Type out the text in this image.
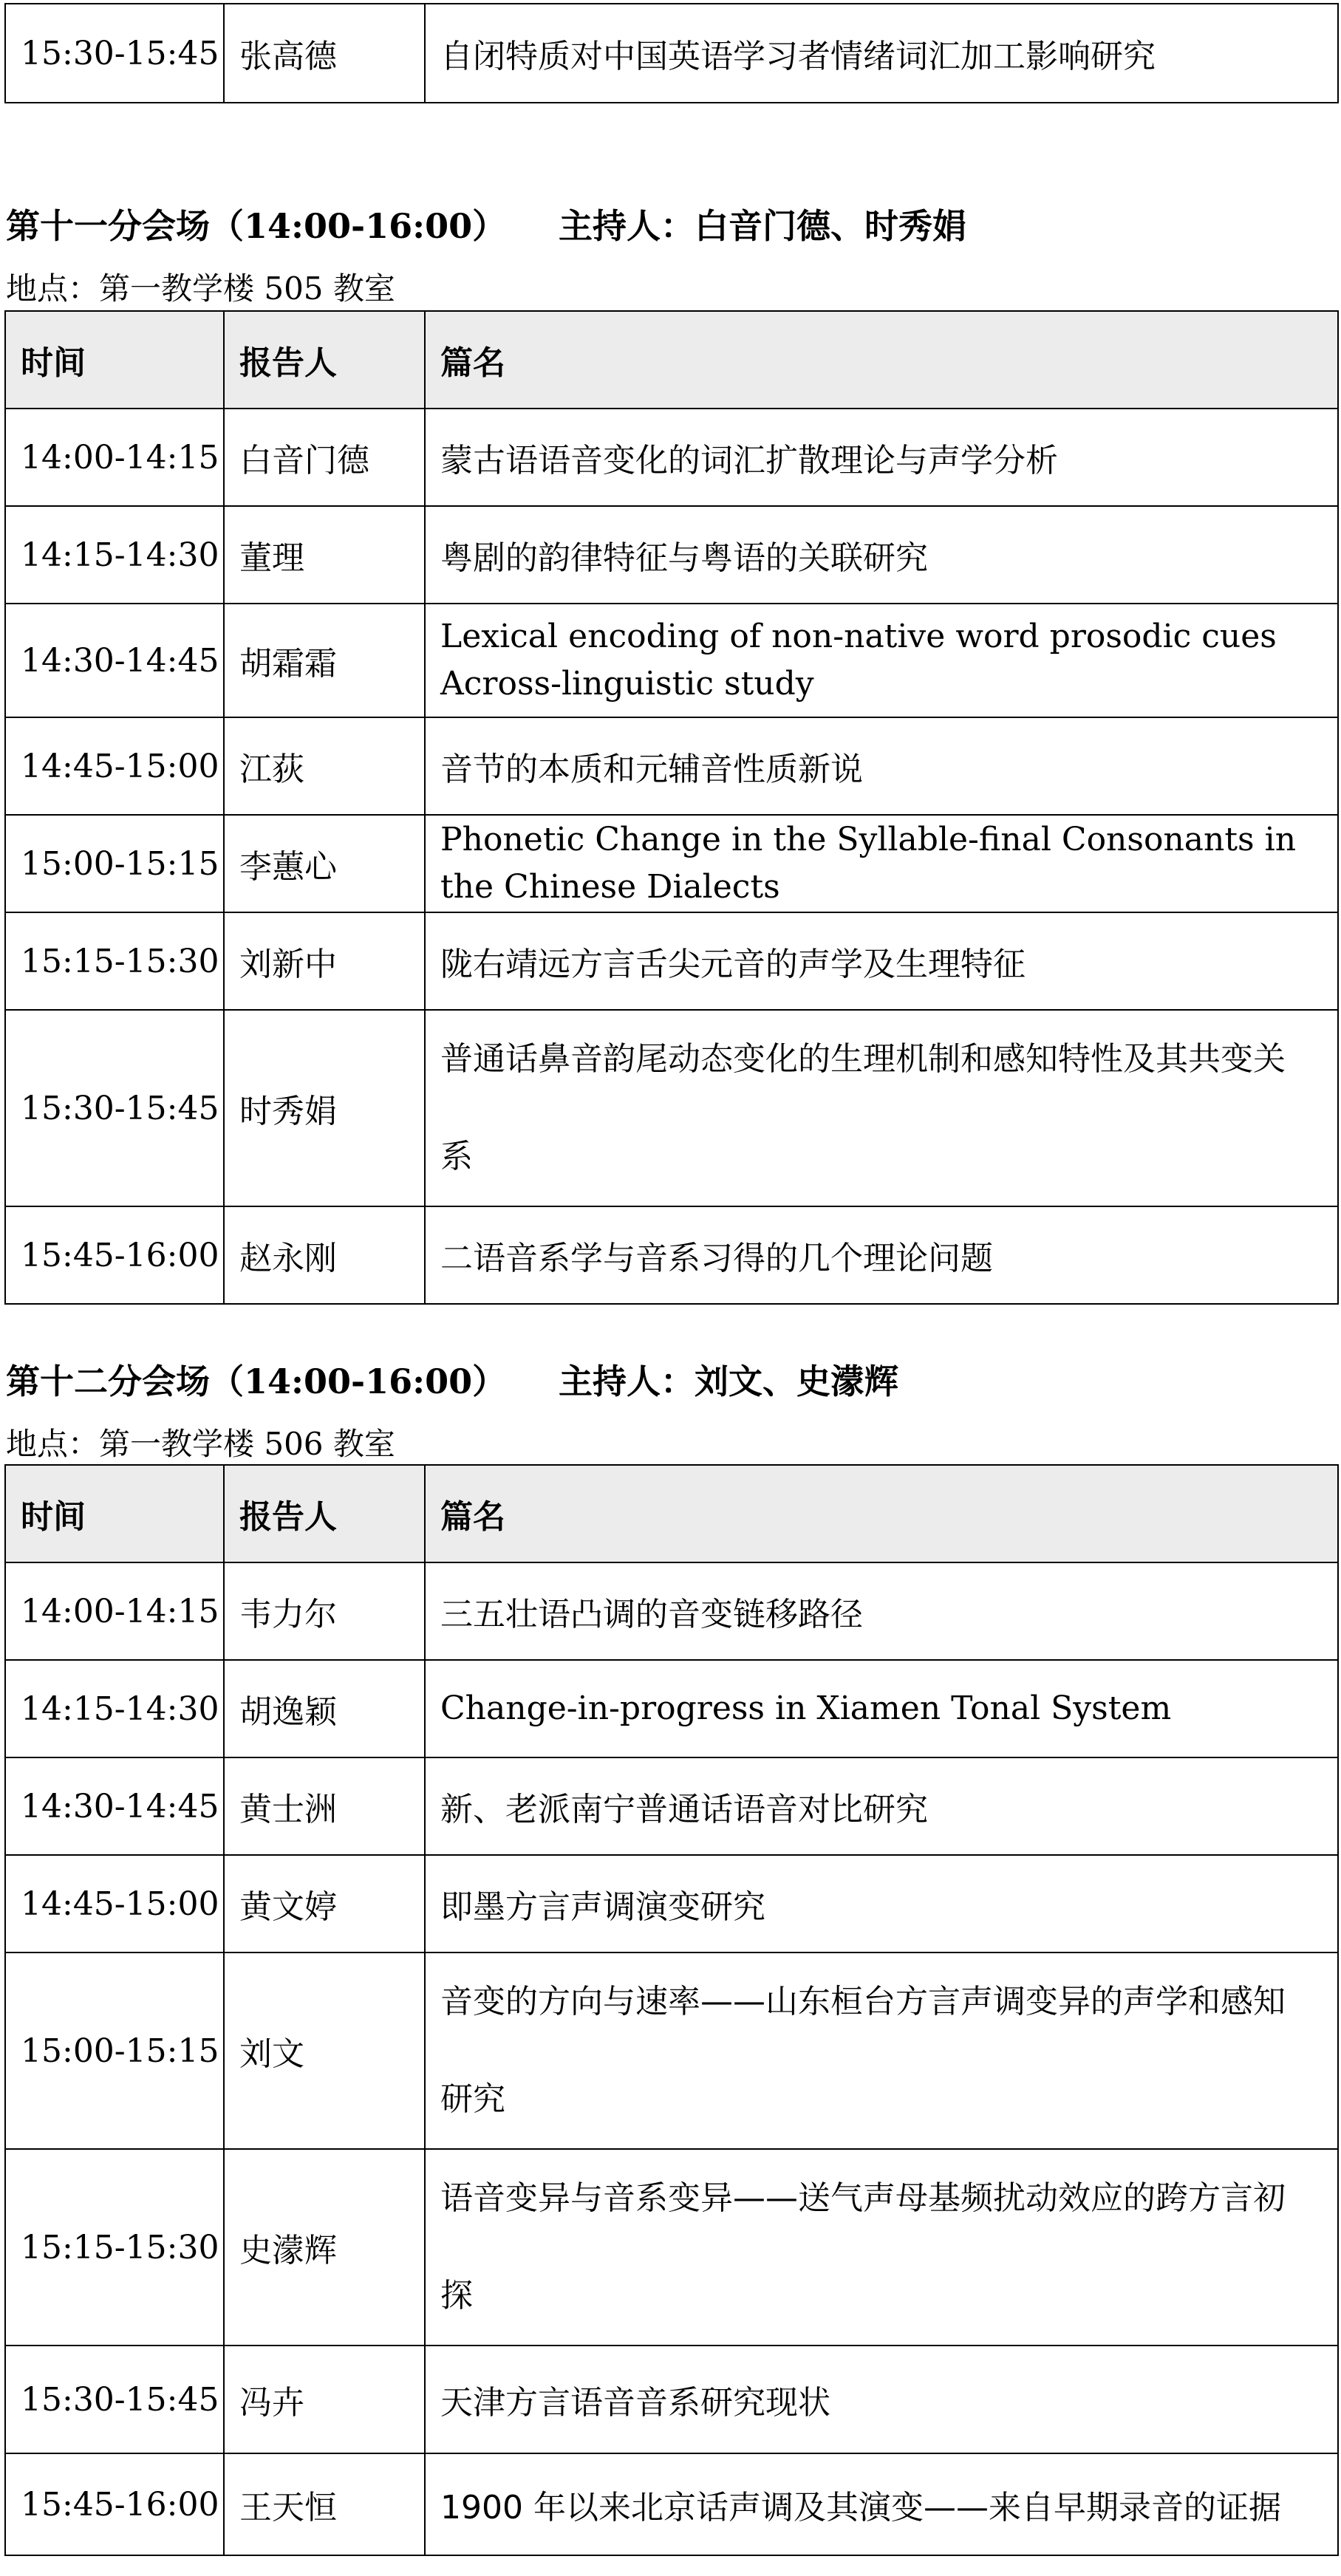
15:30-15:45	张高德	自闭特质对中国英语学习者情绪词汇加工影响研究
第十一分会场（14:00-16:00） 主持人：白音门德、时秀娟
地点：第一教学楼 505 教室
时间	报告人	篇名
14:00-14:15	白音门德	蒙古语语音变化的词汇扩散理论与声学分析
14:15-14:30	董理	粤剧的韵律特征与粤语的关联研究
14:30-14:45	胡霜霜	Lexical encoding of non-native word prosodic cues Across-linguistic study
14:45-15:00	江荻	音节的本质和元辅音性质新说
15:00-15:15	李蕙心	Phonetic Change in the Syllable-final Consonants in the Chinese Dialects
15:15-15:30	刘新中	陇右靖远方言舌尖元音的声学及生理特征
15:30-15:45	时秀娟	普通话鼻音韵尾动态变化的生理机制和感知特性及其共变关系
15:45-16:00	赵永刚	二语音系学与音系习得的几个理论问题
第十二分会场（14:00-16:00） 主持人：刘文、史濛辉
地点：第一教学楼 506 教室
时间	报告人	篇名
14:00-14:15	韦力尔	三五壮语凸调的音变链移路径
14:15-14:30	胡逸颖	Change-in-progress in Xiamen Tonal System
14:30-14:45	黄士洲	新、老派南宁普通话语音对比研究
14:45-15:00	黄文婷	即墨方言声调演变研究
15:00-15:15	刘文	音变的方向与速率——山东桓台方言声调变异的声学和感知研究
15:15-15:30	史濛辉	语音变异与音系变异——送气声母基频扰动效应的跨方言初探
15:30-15:45	冯卉	天津方言语音音系研究现状
15:45-16:00	王天恒	1900 年以来北京话声调及其演变——来自早期录音的证据
